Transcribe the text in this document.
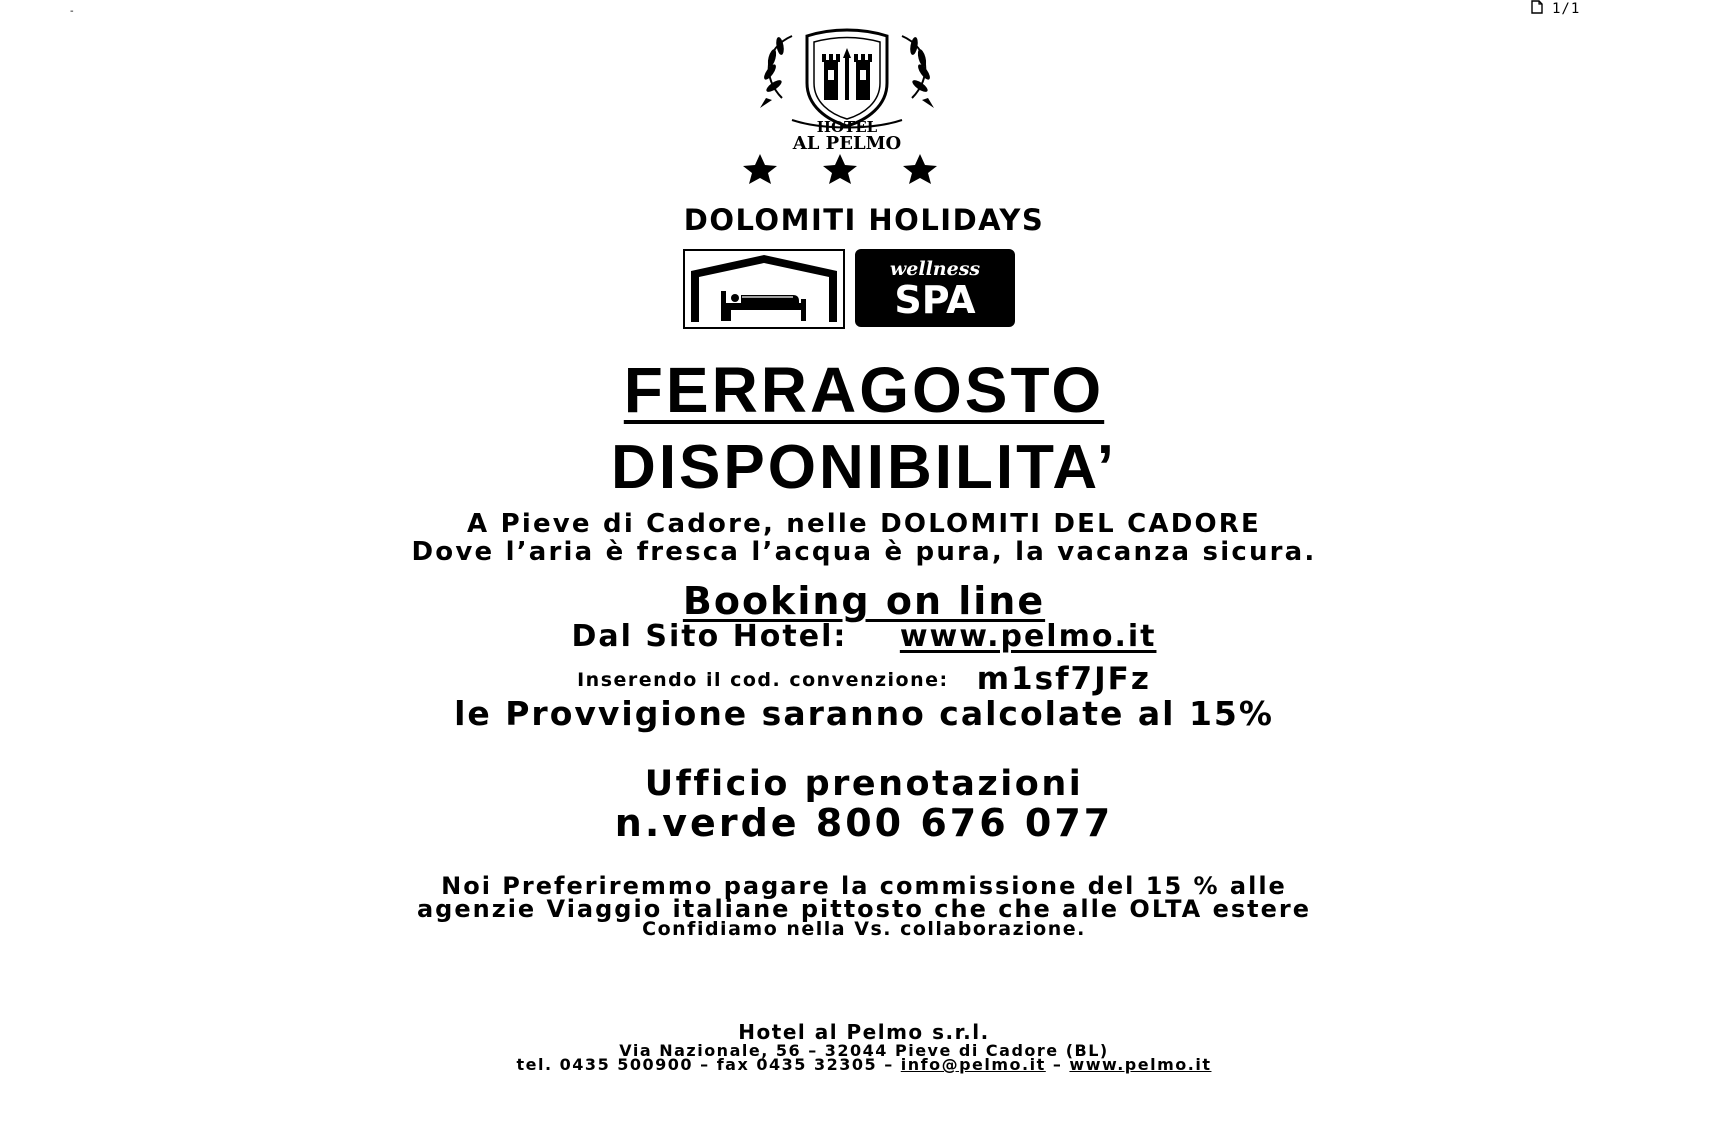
-	1/1
HOTEL
AL PELMO
DOLOMITI HOLIDAYS
wellness
SPA
FERRAGOSTO
DISPONIBILITA’
A Pieve di Cadore, nelle DOLOMITI DEL CADORE
Dove l’aria è fresca l’acqua è pura, la vacanza sicura.
Booking on line
Dal Sito Hotel: www.pelmo.it
Inserendo il cod. convenzione: m1sf7JFz
le Provvigione saranno calcolate al 15%
Ufficio prenotazioni
n.verde 800 676 077
Noi Preferiremmo pagare la commissione del 15 % alle
agenzie Viaggio italiane pittosto che che alle OLTA estere
Confidiamo nella Vs. collaborazione.
Hotel al Pelmo s.r.l.
Via Nazionale, 56 – 32044 Pieve di Cadore (BL)
tel. 0435 500900 – fax 0435 32305 – info@pelmo.it – www.pelmo.it
